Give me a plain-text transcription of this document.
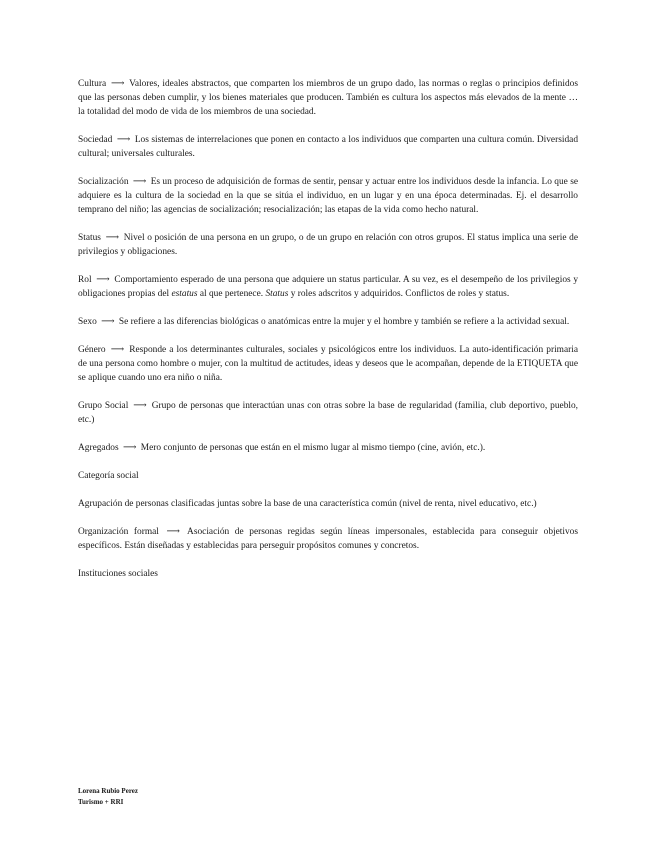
Cultura ⟶ Valores, ideales abstractos, que comparten los miembros de un grupo dado, las normas o reglas o principios definidos que las personas deben cumplir, y los bienes materiales que producen. También es cultura los aspectos más elevados de la mente … la totalidad del modo de vida de los miembros de una sociedad.

Sociedad ⟶ Los sistemas de interrelaciones que ponen en contacto a los individuos que comparten una cultura común. Diversidad cultural; universales culturales.

Socialización ⟶ Es un proceso de adquisición de formas de sentir, pensar y actuar entre los individuos desde la infancia. Lo que se adquiere es la cultura de la sociedad en la que se sitúa el individuo, en un lugar y en una época determinadas. Ej. el desarrollo temprano del niño; las agencias de socialización; resocialización; las etapas de la vida como hecho natural.

Status ⟶ Nivel o posición de una persona en un grupo, o de un grupo en relación con otros grupos. El status implica una serie de privilegios y obligaciones.

Rol ⟶ Comportamiento esperado de una persona que adquiere un status particular. A su vez, es el desempeño de los privilegios y obligaciones propias del estatus al que pertenece. Status y roles adscritos y adquiridos. Conflictos de roles y status.

Sexo ⟶ Se refiere a las diferencias biológicas o anatómicas entre la mujer y el hombre y también se refiere a la actividad sexual.

Género ⟶ Responde a los determinantes culturales, sociales y psicológicos entre los individuos. La auto-identificación primaria de una persona como hombre o mujer, con la multitud de actitudes, ideas y deseos que le acompañan, depende de la ETIQUETA que se aplique cuando uno era niño o niña.

Grupo Social ⟶ Grupo de personas que interactúan unas con otras sobre la base de regularidad (familia, club deportivo, pueblo, etc.)

Agregados ⟶ Mero conjunto de personas que están en el mismo lugar al mismo tiempo (cine, avión, etc.).

Categoría social

Agrupación de personas clasificadas juntas sobre la base de una característica común (nivel de renta, nivel educativo, etc.)

Organización formal ⟶ Asociación de personas regidas según líneas impersonales, establecida para conseguir objetivos específicos. Están diseñadas y establecidas para perseguir propósitos comunes y concretos.

Instituciones sociales

Lorena Rubio Perez
Turismo + RRI
